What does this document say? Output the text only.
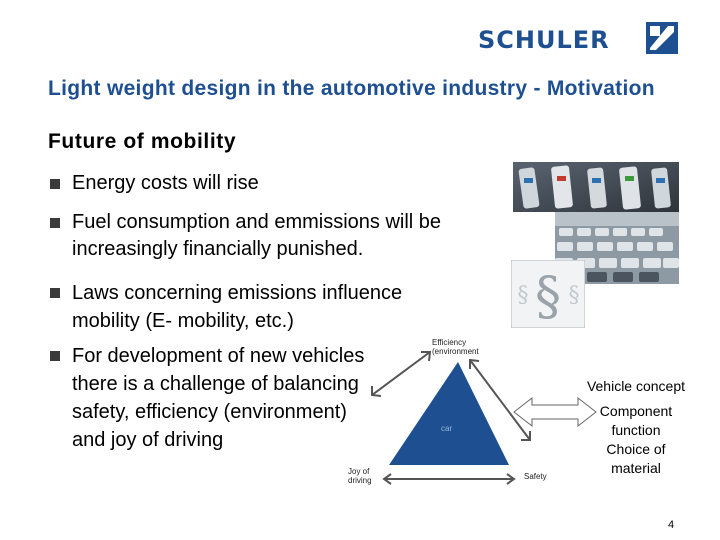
SCHULER
Light weight design in the automotive industry - Motivation
Future of mobility

Energy costs will rise

Fuel consumption and emmissions will be increasingly financially punished.

Laws concerning emissions influence mobility (E- mobility, etc.)

For development of new vehicles there is a challenge of balancing safety, efficiency (environment) and joy of driving

§
§ §
Efficiency
(environment
car
Joy of
driving	Safety
Vehicle concept
Component
function
Choice of
material
4
